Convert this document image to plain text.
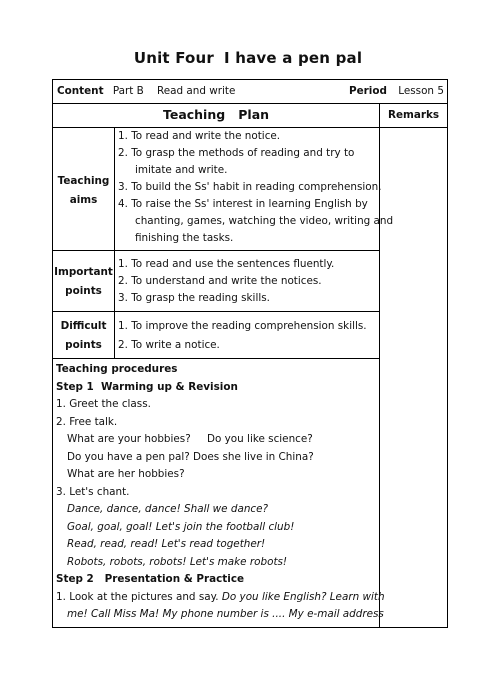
Unit Four I have a pen pal
Content Part B    Read and write	Period Lesson 5
Teaching   Plan	Remarks
Teaching
aims
1. To read and write the notice.
2. To grasp the methods of reading and try to
imitate and write.
3. To build the Ss' habit in reading comprehension.
4. To raise the Ss' interest in learning English by
chanting, games, watching the video, writing and
finishing the tasks.
Important
points
1. To read and use the sentences fluently.
2. To understand and write the notices.
3. To grasp the reading skills.
Difficult
points
1. To improve the reading comprehension skills.
2. To write a notice.
Teaching procedures
Step 1  Warming up & Revision
1. Greet the class.
2. Free talk.
What are your hobbies? Do you like science?
Do you have a pen pal? Does she live in China?
What are her hobbies?
3. Let's chant.
Dance, dance, dance! Shall we dance?
Goal, goal, goal! Let's join the football club!
Read, read, read! Let's read together!
Robots, robots, robots! Let's make robots!
Step 2   Presentation & Practice
1. Look at the pictures and say. Do you like English? Learn with
me! Call Miss Ma! My phone number is .... My e-mail address
